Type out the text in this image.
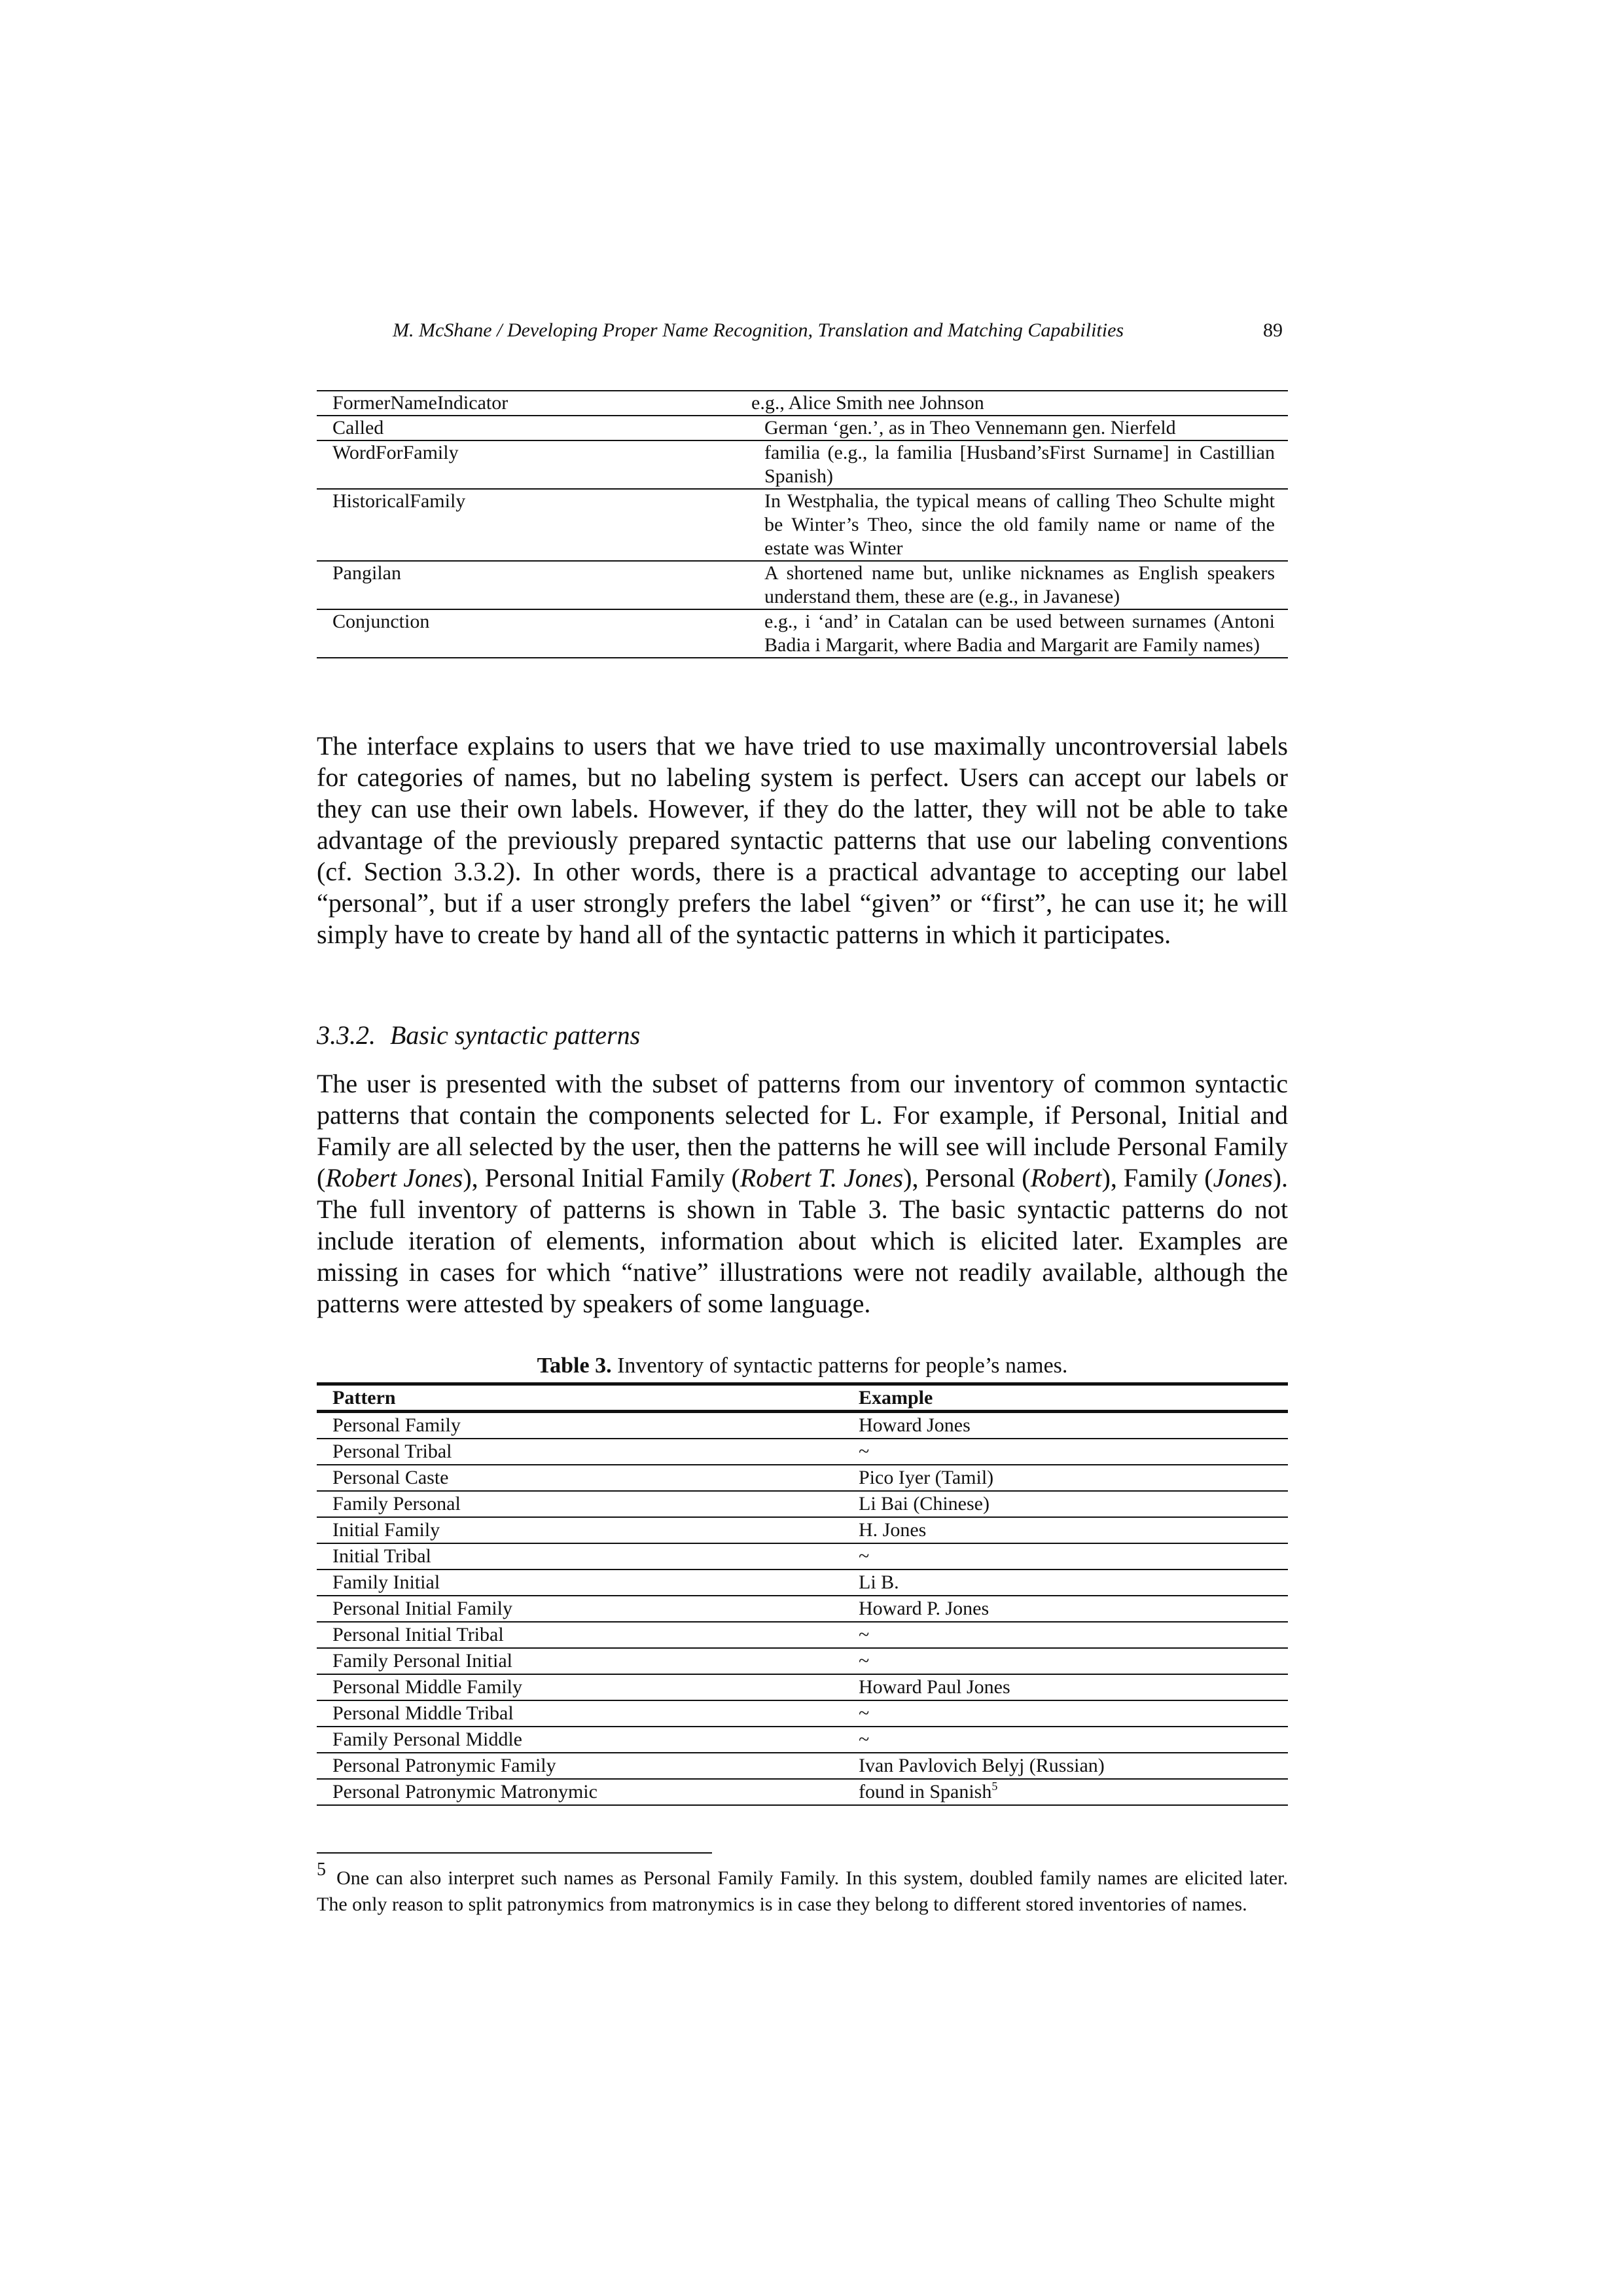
M. McShane / Developing Proper Name Recognition, Translation and Matching Capabilities	89
FormerNameIndicator	e.g., Alice Smith nee Johnson
Called	German ‘gen.’, as in Theo Vennemann gen. Nierfeld
WordForFamily	familia (e.g., la familia [Husband’sFirst Surname] in Castillian Spanish)
HistoricalFamily	In Westphalia, the typical means of calling Theo Schulte might be Winter’s Theo, since the old family name or name of the estate was Winter
Pangilan	A shortened name but, unlike nicknames as English speakers understand them, these are (e.g., in Javanese)
Conjunction	e.g., i ‘and’ in Catalan can be used between surnames (Antoni Badia i Margarit, where Badia and Margarit are Family names)

The interface explains to users that we have tried to use maximally uncontroversial labels for categories of names, but no labeling system is perfect. Users can accept our labels or they can use their own labels. However, if they do the latter, they will not be able to take advantage of the previously prepared syntactic patterns that use our labeling conventions (cf. Section 3.3.2). In other words, there is a practical advantage to accepting our label “personal”, but if a user strongly prefers the label “given” or “first”, he can use it; he will simply have to create by hand all of the syntactic patterns in which it participates.

3.3.2. Basic syntactic patterns

The user is presented with the subset of patterns from our inventory of common syntactic patterns that contain the components selected for L. For example, if Personal, Initial and Family are all selected by the user, then the patterns he will see will include Personal Family (Robert Jones), Personal Initial Family (Robert T. Jones), Personal (Robert), Family (Jones). The full inventory of patterns is shown in Table 3. The basic syntactic patterns do not include iteration of elements, information about which is elicited later. Examples are missing in cases for which “native” illustrations were not readily available, although the patterns were attested by speakers of some language.

Table 3. Inventory of syntactic patterns for people’s names.
Pattern	Example
Personal Family	Howard Jones
Personal Tribal	~
Personal Caste	Pico Iyer (Tamil)
Family Personal	Li Bai (Chinese)
Initial Family	H. Jones
Initial Tribal	~
Family Initial	Li B.
Personal Initial Family	Howard P. Jones
Personal Initial Tribal	~
Family Personal Initial	~
Personal Middle Family	Howard Paul Jones
Personal Middle Tribal	~
Family Personal Middle	~
Personal Patronymic Family	Ivan Pavlovich Belyj (Russian)
Personal Patronymic Matronymic	found in Spanish$^5$

5 One can also interpret such names as Personal Family Family. In this system, doubled family names are elicited later. The only reason to split patronymics from matronymics is in case they belong to different stored inventories of names.
